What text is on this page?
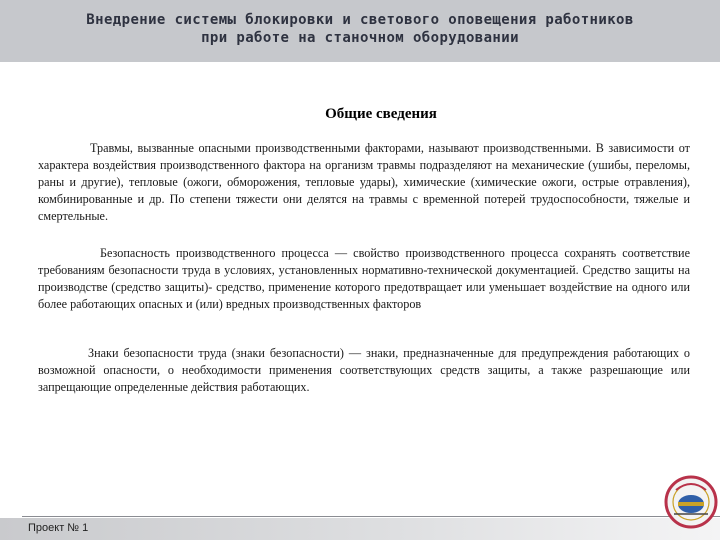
Внедрение системы блокировки и светового оповещения работников
при работе на станочном оборудовании
Общие сведения

Травмы, вызванные опасными производственными факторами, называют производственными. В зависимости от характера воздействия производственного фактора на организм травмы подразделяют на механические (ушибы, переломы, раны и другие), тепловые (ожоги, обморожения, тепловые удары), химические (химические ожоги, острые отравления), комбинированные и др. По степени тяжести они делятся на травмы с временной потерей трудоспособности, тяжелые и смертельные.

Безопасность производственного процесса — свойство производственного процесса сохранять соответствие требованиям безопасности труда в условиях, установленных нормативно-технической документацией. Средство защиты на производстве (средство защиты)- средство, применение которого предотвращает или уменьшает воздействие на одного или более работающих опасных и (или) вредных производственных факторов

Знаки безопасности труда (знаки безопасности) — знаки, предназначенные для предупреждения работающих о возможной опасности, о необходимости применения соответствующих средств защиты, а также разрешающие или запрещающие определенные действия работающих.

Проект № 1
